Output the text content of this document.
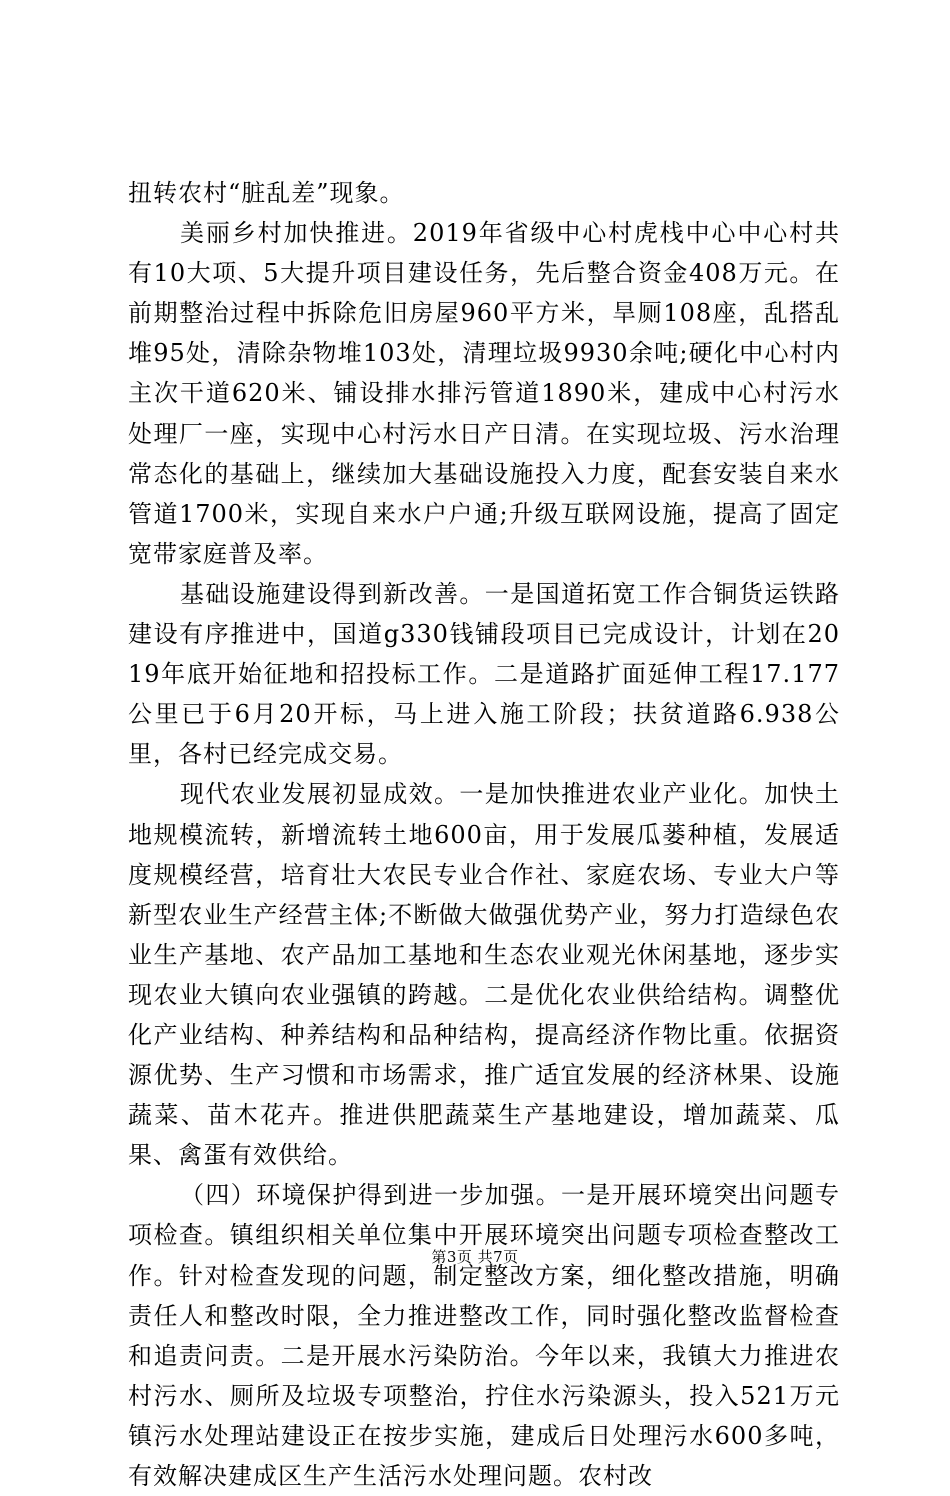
扭转农村“脏乱差”现象。

美丽乡村加快推进。2019年省级中心村虎栈中心中心村共有10大项、5大提升项目建设任务，先后整合资金408万元。在前期整治过程中拆除危旧房屋960平方米，旱厕108座，乱搭乱堆95处，清除杂物堆103处，清理垃圾9930余吨;硬化中心村内主次干道620米、铺设排水排污管道1890米，建成中心村污水处理厂一座，实现中心村污水日产日清。在实现垃圾、污水治理常态化的基础上，继续加大基础设施投入力度，配套安装自来水管道1700米，实现自来水户户通;升级互联网设施，提高了固定宽带家庭普及率。

基础设施建设得到新改善。一是国道拓宽工作合铜货运铁路建设有序推进中，国道g330钱铺段项目已完成设计，计划在2019年底开始征地和招投标工作。二是道路扩面延伸工程17.177公里已于6月20开标，马上进入施工阶段；扶贫道路6.938公里，各村已经完成交易。

现代农业发展初显成效。一是加快推进农业产业化。加快土地规模流转，新增流转土地600亩，用于发展瓜蒌种植，发展适度规模经营，培育壮大农民专业合作社、家庭农场、专业大户等新型农业生产经营主体;不断做大做强优势产业，努力打造绿色农业生产基地、农产品加工基地和生态农业观光休闲基地，逐步实现农业大镇向农业强镇的跨越。二是优化农业供给结构。调整优化产业结构、种养结构和品种结构，提高经济作物比重。依据资源优势、生产习惯和市场需求，推广适宜发展的经济林果、设施蔬菜、苗木花卉。推进供肥蔬菜生产基地建设，增加蔬菜、瓜果、禽蛋有效供给。

（四）环境保护得到进一步加强。一是开展环境突出问题专项检查。镇组织相关单位集中开展环境突出问题专项检查整改工作。针对检查发现的问题，制定整改方案，细化整改措施，明确责任人和整改时限，全力推进整改工作，同时强化整改监督检查和追责问责。二是开展水污染防治。今年以来，我镇大力推进农村污水、厕所及垃圾专项整治，拧住水污染源头，投入521万元镇污水处理站建设正在按步实施，建成后日处理污水600多吨，有效解决建成区生产生活污水处理问题。农村改

第3页 共7页
